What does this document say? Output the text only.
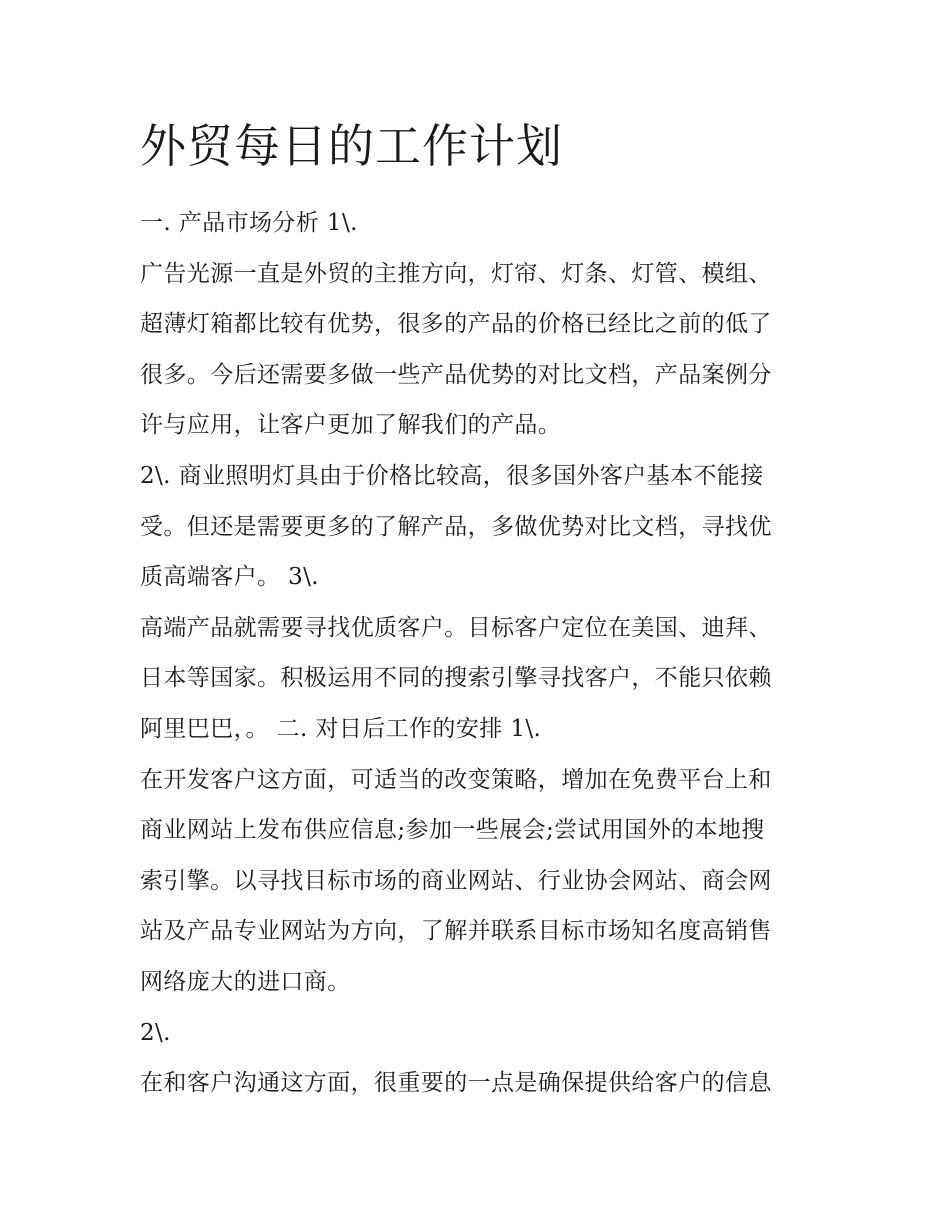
外贸每日的工作计划
一. 产品市场分析 1\.
广告光源一直是外贸的主推方向，灯帘、灯条、灯管、模组、
超薄灯箱都比较有优势，很多的产品的价格已经比之前的低了
很多。今后还需要多做一些产品优势的对比文档，产品案例分
许与应用，让客户更加了解我们的产品。
2\. 商业照明灯具由于价格比较高，很多国外客户基本不能接
受。但还是需要更多的了解产品，多做优势对比文档，寻找优
质高端客户。 3\.
高端产品就需要寻找优质客户。目标客户定位在美国、迪拜、
日本等国家。积极运用不同的搜索引擎寻找客户，不能只依赖
阿里巴巴，。 二. 对日后工作的安排 1\.
在开发客户这方面，可适当的改变策略，增加在免费平台上和
商业网站上发布供应信息;参加一些展会;尝试用国外的本地搜
索引擎。以寻找目标市场的商业网站、行业协会网站、商会网
站及产品专业网站为方向，了解并联系目标市场知名度高销售
网络庞大的进口商。
2\.
在和客户沟通这方面，很重要的一点是确保提供给客户的信息
